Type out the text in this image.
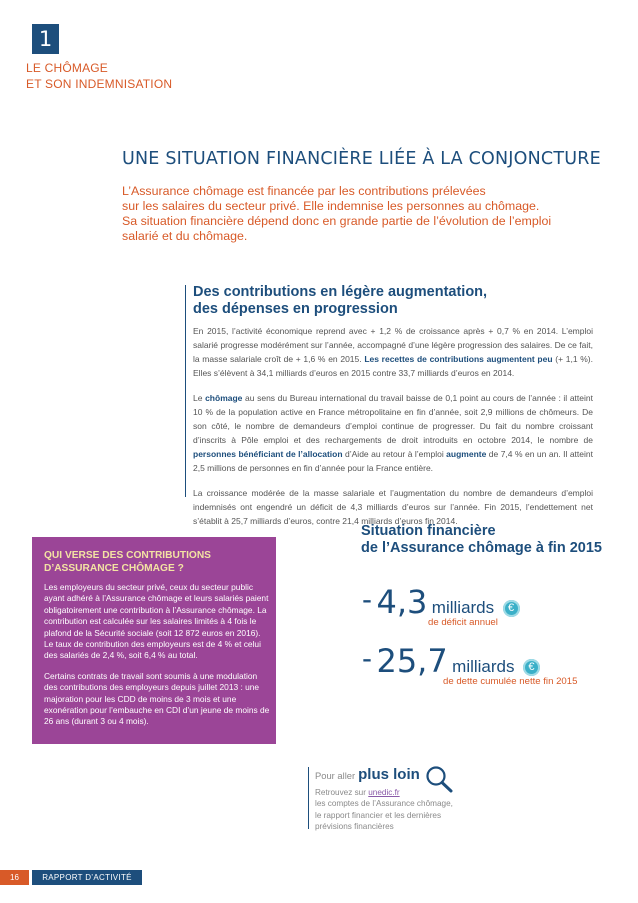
1
LE CHÔMAGE
ET SON INDEMNISATION
UNE SITUATION FINANCIÈRE LIÉE À LA CONJONCTURE
L’Assurance chômage est financée par les contributions prélevées
sur les salaires du secteur privé. Elle indemnise les personnes au chômage.
Sa situation financière dépend donc en grande partie de l’évolution de l’emploi
salarié et du chômage.
Des contributions en légère augmentation,
des dépenses en progression

En 2015, l’activité économique reprend avec + 1,2 % de croissance après + 0,7 % en 2014. L’emploi salarié progresse modérément sur l’année, accompagné d’une légère progression des salaires. De ce fait, la masse salariale croît de + 1,6 % en 2015. Les recettes de contributions augmentent peu (+ 1,1 %). Elles s’élèvent à 34,1 milliards d’euros en 2015 contre 33,7 milliards d’euros en 2014.

Le chômage au sens du Bureau international du travail baisse de 0,1 point au cours de l’année : il atteint 10 % de la population active en France métropolitaine en fin d’année, soit 2,9 millions de chômeurs. De son côté, le nombre de demandeurs d’emploi continue de progresser. Du fait du nombre croissant d’inscrits à Pôle emploi et des rechargements de droit introduits en octobre 2014, le nombre de personnes bénéficiant de l’allocation d’Aide au retour à l’emploi augmente de 7,4 % en un an. Il atteint 2,5 millions de personnes en fin d’année pour la France entière.

La croissance modérée de la masse salariale et l’augmentation du nombre de demandeurs d’emploi indemnisés ont engendré un déficit de 4,3 milliards d’euros sur l’année. Fin 2015, l’endettement net s’établit à 25,7 milliards d’euros, contre 21,4 milliards d’euros fin 2014.

QUI VERSE DES CONTRIBUTIONS
D’ASSURANCE CHÔMAGE ?

Les employeurs du secteur privé, ceux du secteur public ayant adhéré à l’Assurance chômage et leurs salariés paient obligatoirement une contribution à l’Assurance chômage. La contribution est calculée sur les salaires limités à 4 fois le plafond de la Sécurité sociale (soit 12 872 euros en 2016). Le taux de contribution des employeurs est de 4 % et celui des salariés de 2,4 %, soit 6,4 % au total.

Certains contrats de travail sont soumis à une modulation des contributions des employeurs depuis juillet 2013 : une majoration pour les CDD de moins de 3 mois et une exonération pour l’embauche en CDI d’un jeune de moins de 26 ans (durant 3 ou 4 mois).

Situation financière
de l’Assurance chômage à fin 2015
- 4,3 milliards €
de déficit annuel
- 25,7 milliards €
de dette cumulée nette fin 2015
Pour aller plus loin
Retrouvez sur unedic.fr
les comptes de l’Assurance chômage,
le rapport financier et les dernières
prévisions financières
16	RAPPORT D’ACTIVITÉ 2015
